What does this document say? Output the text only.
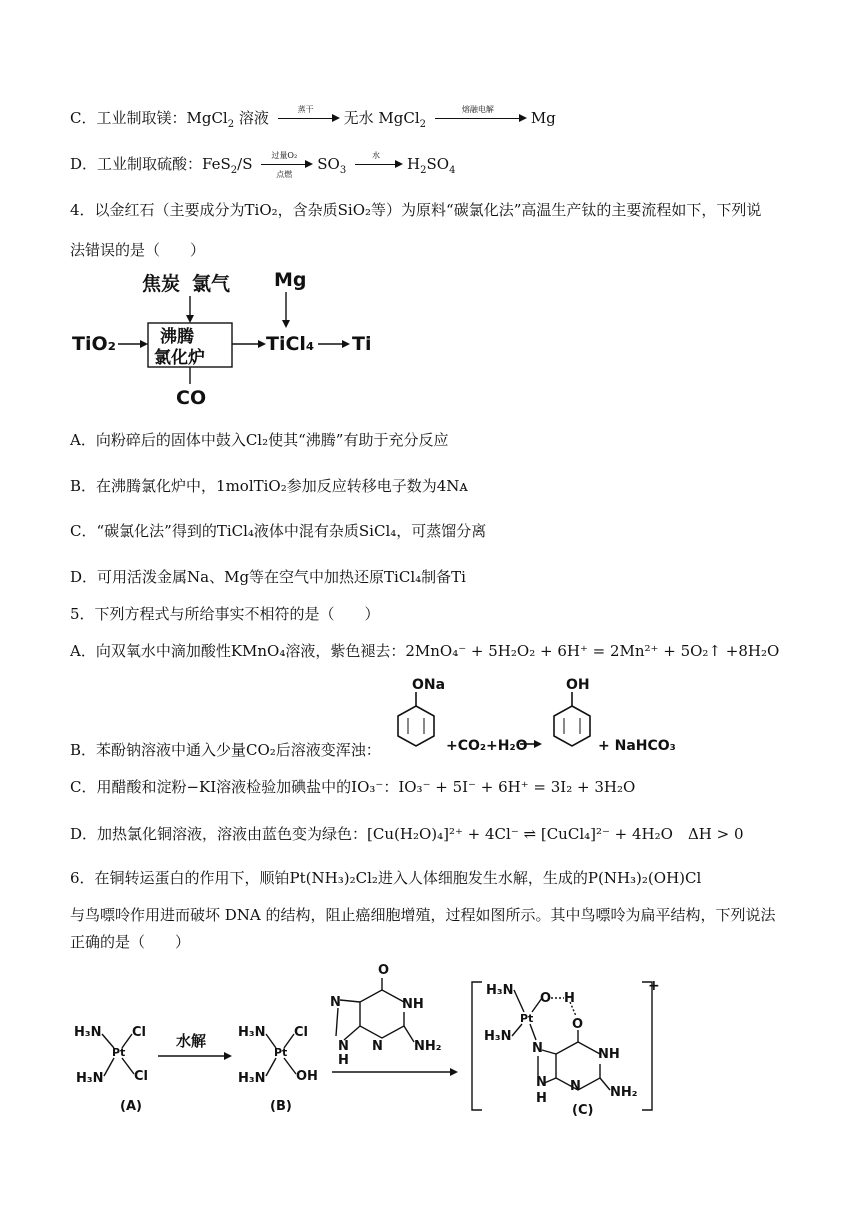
C．工业制取镁：MgCl$_2$ 溶液	蒸干	无水 MgCl$_2$
熔融电解	Mg
D．工业制取硫酸：FeS$_2$/S	过量O₂
点燃
$SO_3$
水	$H_2SO_4$
4．以金红石（主要成分为TiO₂，含杂质SiO₂等）为原料“碳氯化法”高温生产钛的主要流程如下，下列说
法错误的是（　　）
焦炭 氯气 Mg
TiO₂	沸腾
氯化炉
TiCl₄ Ti
CO
A．向粉碎后的固体中鼓入Cl₂使其“沸腾”有助于充分反应
B．在沸腾氯化炉中，1molTiO₂参加反应转移电子数为4Nᴀ
C．“碳氯化法”得到的TiCl₄液体中混有杂质SiCl₄，可蒸馏分离
D．可用活泼金属Na、Mg等在空气中加热还原TiCl₄制备Ti
5．下列方程式与所给事实不相符的是（　　）
A．向双氧水中滴加酸性KMnO₄溶液，紫色褪去：2MnO₄⁻ + 5H₂O₂ + 6H⁺ = 2Mn²⁺ + 5O₂↑ +8H₂O
B．苯酚钠溶液中通入少量CO₂后溶液变浑浊：
ONa
+CO₂+H₂O
OH
+ NaHCO₃
C．用醋酸和淀粉−KI溶液检验加碘盐中的IO₃⁻：IO₃⁻ + 5I⁻ + 6H⁺ = 3I₂ + 3H₂O
D．加热氯化铜溶液，溶液由蓝色变为绿色：[Cu(H₂O)₄]²⁺ + 4Cl⁻ ⇌ [CuCl₄]²⁻ + 4H₂O　ΔH > 0
6．在铜转运蛋白的作用下，顺铂Pt(NH₃)₂Cl₂进入人体细胞发生水解，生成的P(NH₃)₂(OH)Cl
与鸟嘌呤作用进而破坏 DNA 的结构，阻止癌细胞增殖，过程如图所示。其中鸟嘌呤为扁平结构，下列说法
正确的是（　　）
H₃N Cl
Pt
H₃N Cl
(A)
水解 H₃N Cl
Pt
H₃N OH
(B)
O
N	NH
N
H
N NH₂
H₃N
O H
Pt
H₃N
O
N	NH
N
H
N NH₂
(C)
+
